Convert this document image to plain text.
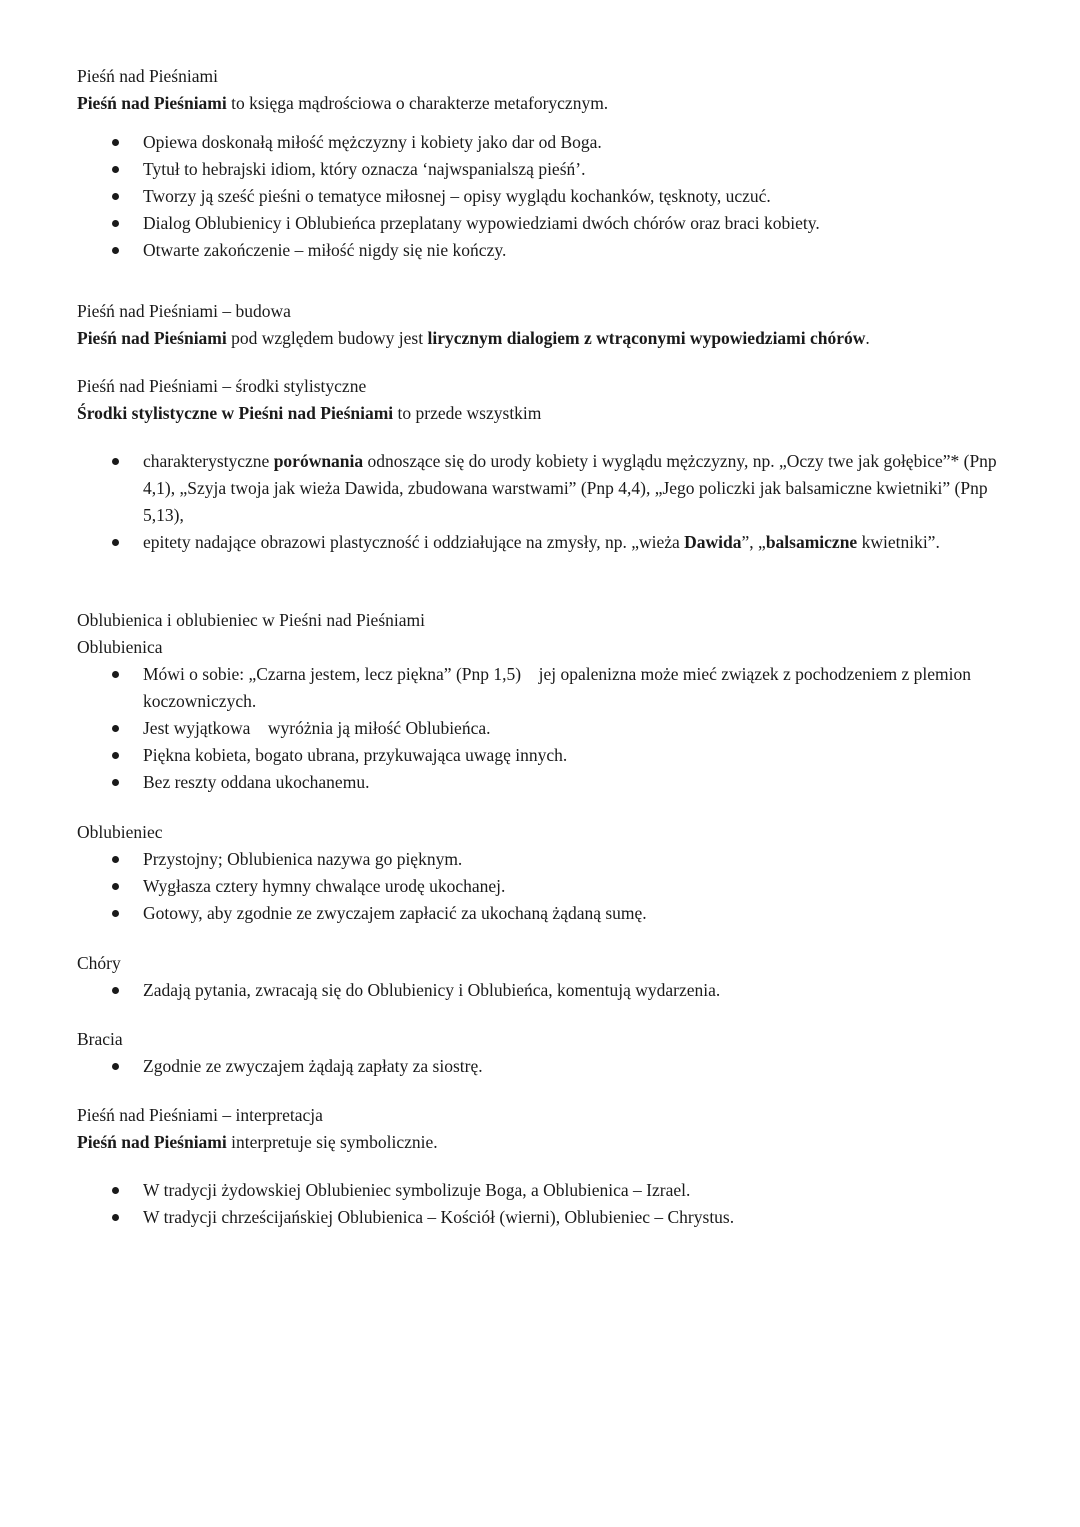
Pieśń nad Pieśniami

Pieśń nad Pieśniami to księga mądrościowa o charakterze metaforycznym.

Opiewa doskonałą miłość mężczyzny i kobiety jako dar od Boga.
Tytuł to hebrajski idiom, który oznacza ‘najwspanialszą pieśń’.
Tworzy ją sześć pieśni o tematyce miłosnej – opisy wyglądu kochanków, tęsknoty, uczuć.
Dialog Oblubienicy i Oblubieńca przeplatany wypowiedziami dwóch chórów oraz braci kobiety.
Otwarte zakończenie – miłość nigdy się nie kończy.

Pieśń nad Pieśniami – budowa

Pieśń nad Pieśniami pod względem budowy jest lirycznym dialogiem z wtrąconymi wypowiedziami chórów.

Pieśń nad Pieśniami – środki stylistyczne

Środki stylistyczne w Pieśni nad Pieśniami to przede wszystkim

charakterystyczne porównania odnoszące się do urody kobiety i wyglądu mężczyzny, np. „Oczy twe jak gołębice”* (Pnp 4,1), „Szyja twoja jak wieża Dawida, zbudowana warstwami” (Pnp 4,4), „Jego policzki jak balsamiczne kwietniki” (Pnp 5,13),
epitety nadające obrazowi plastyczność i oddziałujące na zmysły, np. „wieża Dawida”, „balsamiczne kwietniki”.

Oblubienica i oblubieniec w Pieśni nad Pieśniami

Oblubienica

Mówi o sobie: „Czarna jestem, lecz piękna” (Pnp 1,5)    jej opalenizna może mieć związek z pochodzeniem z plemion koczowniczych.
Jest wyjątkowa    wyróżnia ją miłość Oblubieńca.
Piękna kobieta, bogato ubrana, przykuwająca uwagę innych.
Bez reszty oddana ukochanemu.

Oblubieniec

Przystojny; Oblubienica nazywa go pięknym.
Wygłasza cztery hymny chwalące urodę ukochanej.
Gotowy, aby zgodnie ze zwyczajem zapłacić za ukochaną żądaną sumę.

Chóry

Zadają pytania, zwracają się do Oblubienicy i Oblubieńca, komentują wydarzenia.

Bracia

Zgodnie ze zwyczajem żądają zapłaty za siostrę.

Pieśń nad Pieśniami – interpretacja

Pieśń nad Pieśniami interpretuje się symbolicznie.

W tradycji żydowskiej Oblubieniec symbolizuje Boga, a Oblubienica – Izrael.
W tradycji chrześcijańskiej Oblubienica – Kościół (wierni), Oblubieniec – Chrystus.
